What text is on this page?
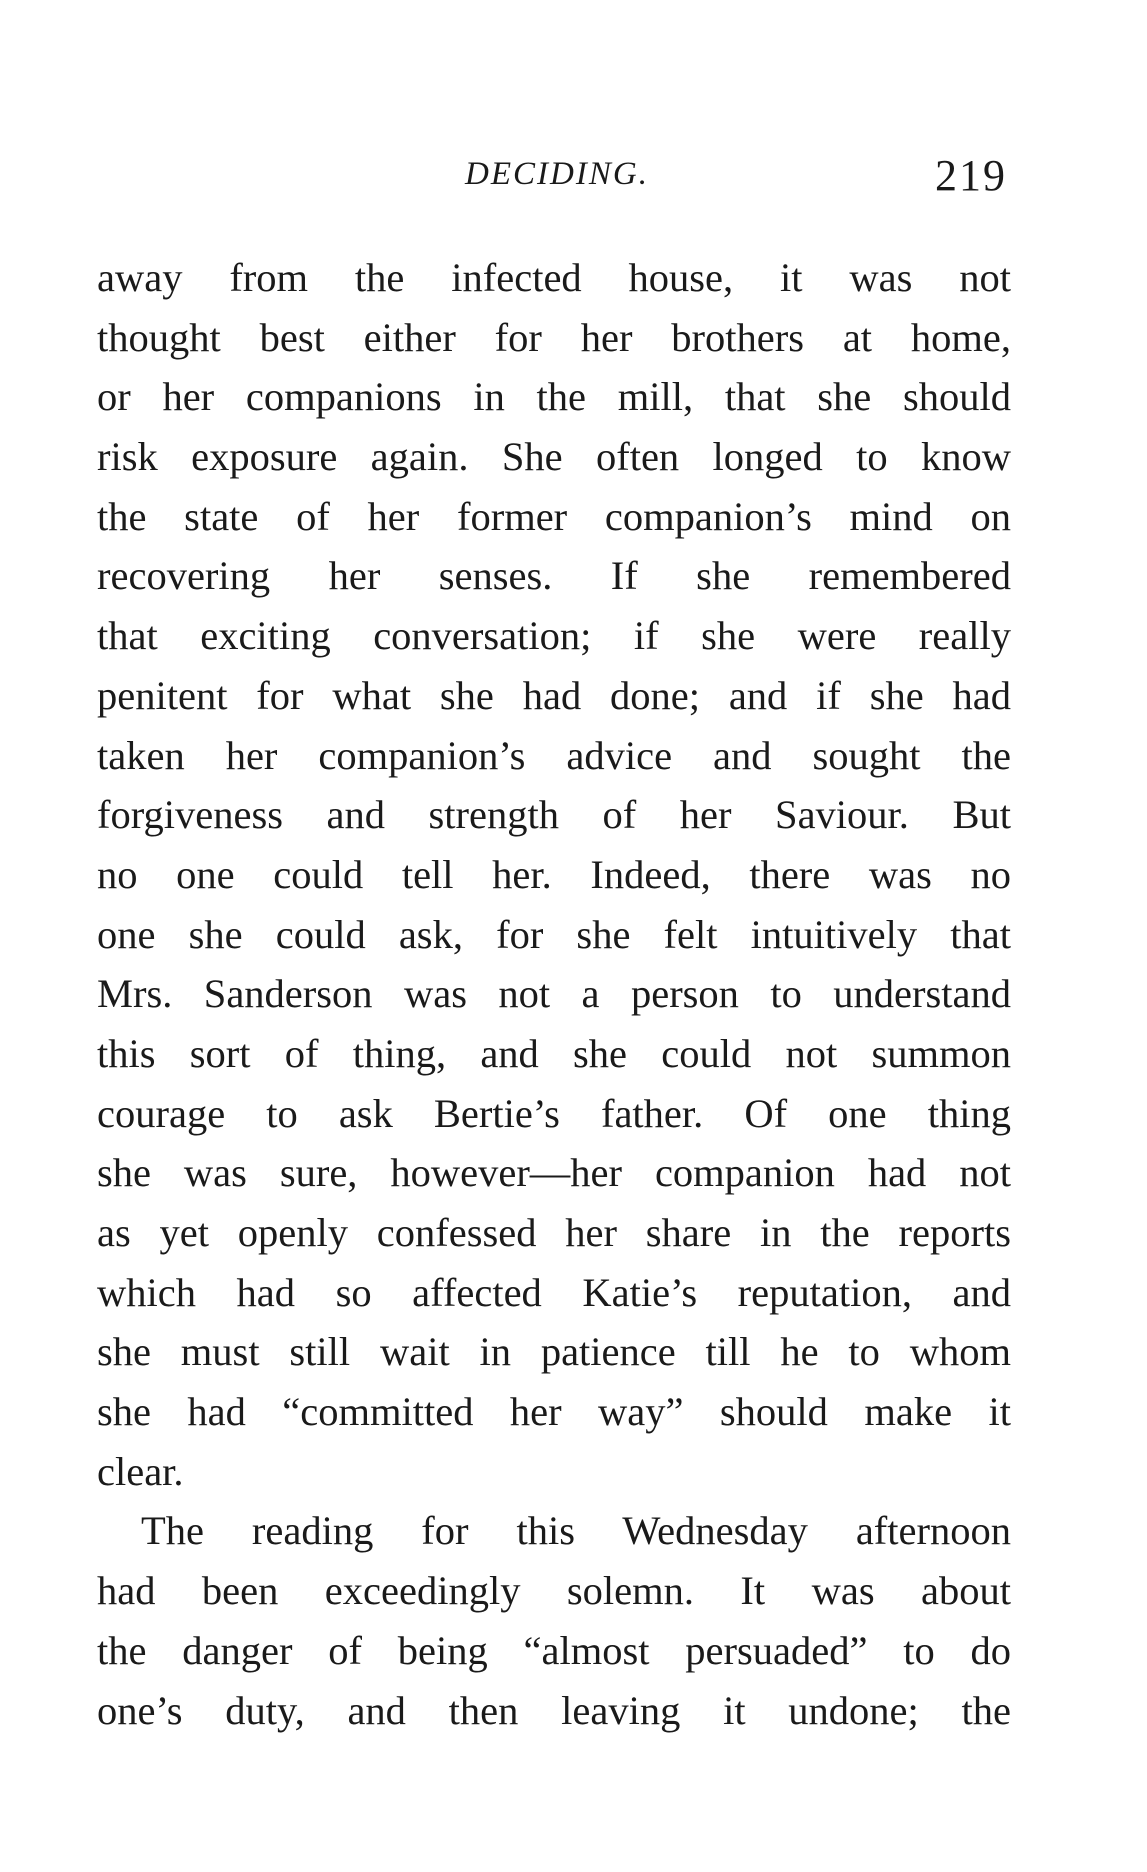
DECIDING.	219
away from the infected house, it was not
thought best either for her brothers at home,
or her companions in the mill, that she should
risk exposure again. She often longed to know
the state of her former companion’s mind on
recovering her senses. If she remembered
that exciting conversation; if she were really
penitent for what she had done; and if she had
taken her companion’s advice and sought the
forgiveness and strength of her Saviour. But
no one could tell her. Indeed, there was no
one she could ask, for she felt intuitively that
Mrs. Sanderson was not a person to understand
this sort of thing, and she could not summon
courage to ask Bertie’s father. Of one thing
she was sure, however—her companion had not
as yet openly confessed her share in the reports
which had so affected Katie’s reputation, and
she must still wait in patience till he to whom
she had “committed her way” should make it
clear.
The reading for this Wednesday afternoon
had been exceedingly solemn. It was about
the danger of being “almost persuaded” to do
one’s duty, and then leaving it undone; the
